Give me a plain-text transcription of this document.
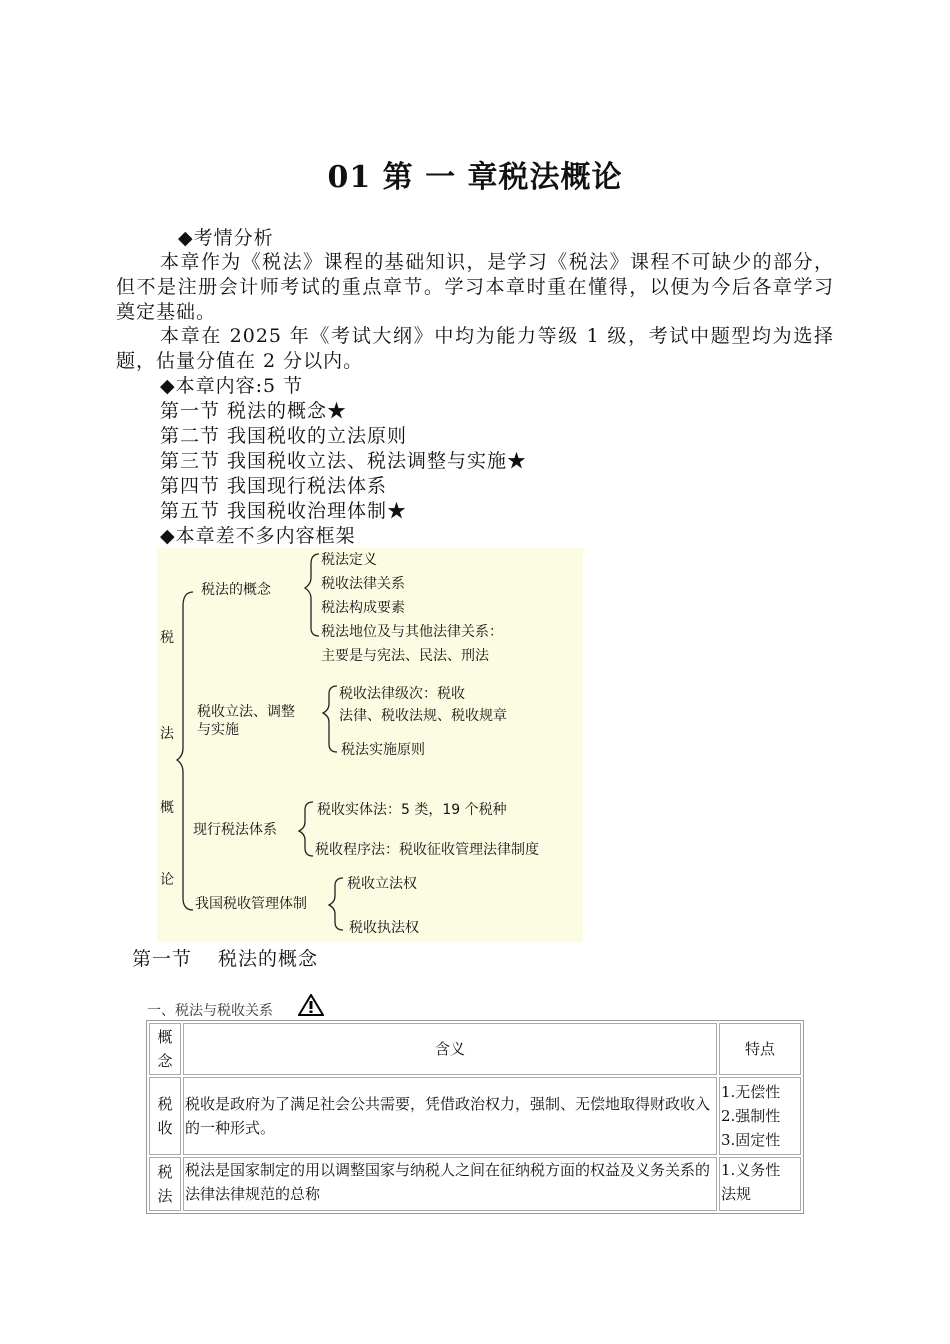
01 第 一 章税法概论
◆考情分析
本章作为《税法》课程的基础知识，是学习《税法》课程不可缺少的部分，但不是注册会计师考试的重点章节。学习本章时重在懂得，以便为今后各章学习奠定基础。
本章在 2025 年《考试大纲》中均为能力等级 1 级，考试中题型均为选择题，估量分值在 2 分以内。
◆本章内容:5 节
第一节 税法的概念★
第二节 我国税收的立法原则
第三节 我国税收立法、税法调整与实施★
第四节 我国现行税法体系
第五节 我国税收治理体制★
◆本章差不多内容框架
税
法
概
论
税法的概念
税法定义
税收法律关系
税法构成要素
税法地位及与其他法律关系：
主要是与宪法、民法、刑法
税收立法、调整
与实施
税收法律级次：税收
法律、税收法规、税收规章
税法实施原则
现行税法体系
税收实体法：5 类，19 个税种
税收程序法：税收征收管理法律制度
我国税收管理体制
税收立法权
税收执法权
第一节 税法的概念
一、税法与税收关系
概念	含义	特点
税收	税收是政府为了满足社会公共需要，凭借政治权力，强制、无偿地取得财政收入的一种形式。	1.无偿性
2.强制性
3.固定性

税法	税法是国家制定的用以调整国家与纳税人之间在征纳税方面的权益及义务关系的法律法律规范的总称	1.义务性
法规
